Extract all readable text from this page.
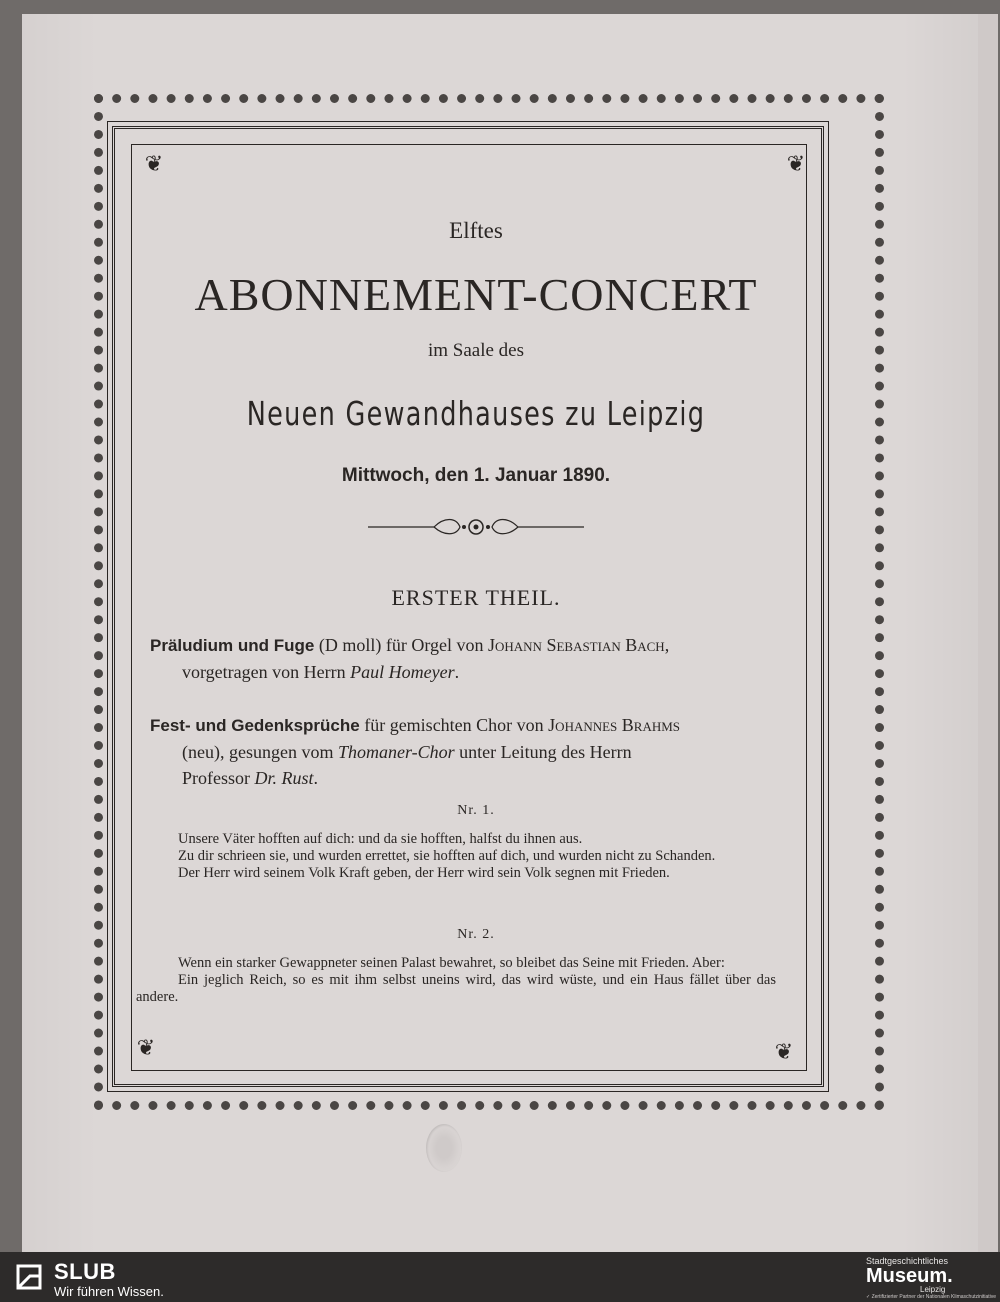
❦	❦
❦	❦
Elftes
ABONNEMENT-CONCERT
im Saale des
Neuen Gewandhauses zu Leipzig
Mittwoch, den 1. Januar 1890.
ERSTER THEIL.
Präludium und Fuge (D moll) für Orgel von Johann Sebastian Bach,
vorgetragen von Herrn Paul Homeyer.
Fest- und Gedenksprüche für gemischten Chor von Johannes Brahms
(neu), gesungen vom Thomaner-Chor unter Leitung des Herrn
Professor Dr. Rust.
Nr. 1.

Unsere Väter hofften auf dich: und da sie hofften, halfst du ihnen aus.

Zu dir schrieen sie, und wurden errettet, sie hofften auf dich, und wurden nicht zu Schanden.

Der Herr wird seinem Volk Kraft geben, der Herr wird sein Volk segnen mit Frieden.

Nr. 2.

Wenn ein starker Gewappneter seinen Palast bewahret, so bleibet das Seine mit Frieden. Aber:

Ein jeglich Reich, so es mit ihm selbst uneins wird, das wird wüste, und ein Haus fället über das andere.

SLUB
Wir führen Wissen.
Stadtgeschichtliches
Museum.
Leipzig
✓ Zertifizierter Partner der Nationalen Klimaschutzinitiative
